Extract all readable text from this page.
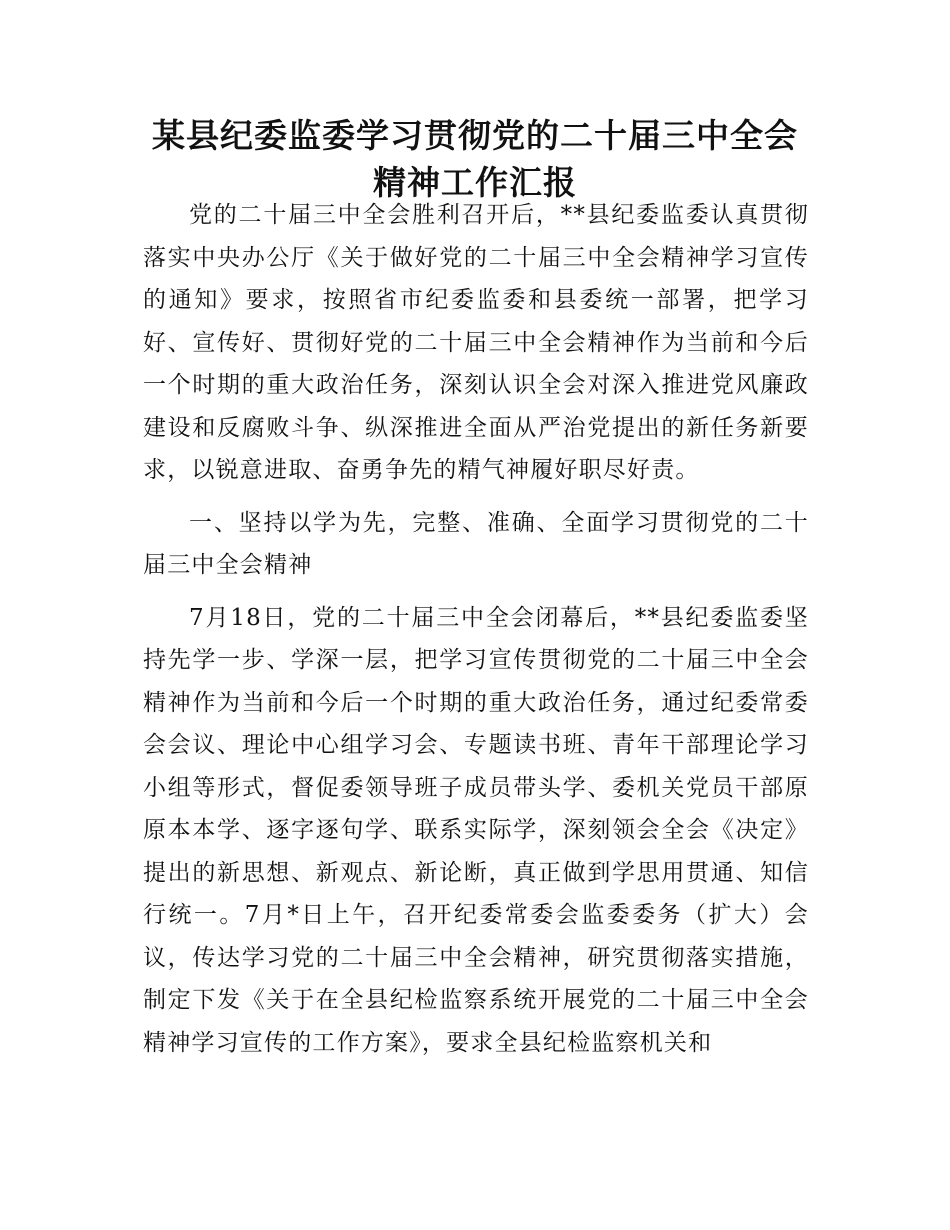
某县纪委监委学习贯彻党的二十届三中全会精神工作汇报

党的二十届三中全会胜利召开后，**县纪委监委认真贯彻落实中央办公厅《关于做好党的二十届三中全会精神学习宣传的通知》要求，按照省市纪委监委和县委统一部署，把学习好、宣传好、贯彻好党的二十届三中全会精神作为当前和今后一个时期的重大政治任务，深刻认识全会对深入推进党风廉政建设和反腐败斗争、纵深推进全面从严治党提出的新任务新要求，以锐意进取、奋勇争先的精气神履好职尽好责。

一、坚持以学为先，完整、准确、全面学习贯彻党的二十届三中全会精神

7月18日，党的二十届三中全会闭幕后，**县纪委监委坚持先学一步、学深一层，把学习宣传贯彻党的二十届三中全会精神作为当前和今后一个时期的重大政治任务，通过纪委常委会会议、理论中心组学习会、专题读书班、青年干部理论学习小组等形式，督促委领导班子成员带头学、委机关党员干部原原本本学、逐字逐句学、联系实际学，深刻领会全会《决定》提出的新思想、新观点、新论断，真正做到学思用贯通、知信行统一。7月*日上午，召开纪委常委会监委委务（扩大）会议，传达学习党的二十届三中全会精神，研究贯彻落实措施，制定下发《关于在全县纪检监察系统开展党的二十届三中全会精神学习宣传的工作方案》，要求全县纪检监察机关和
